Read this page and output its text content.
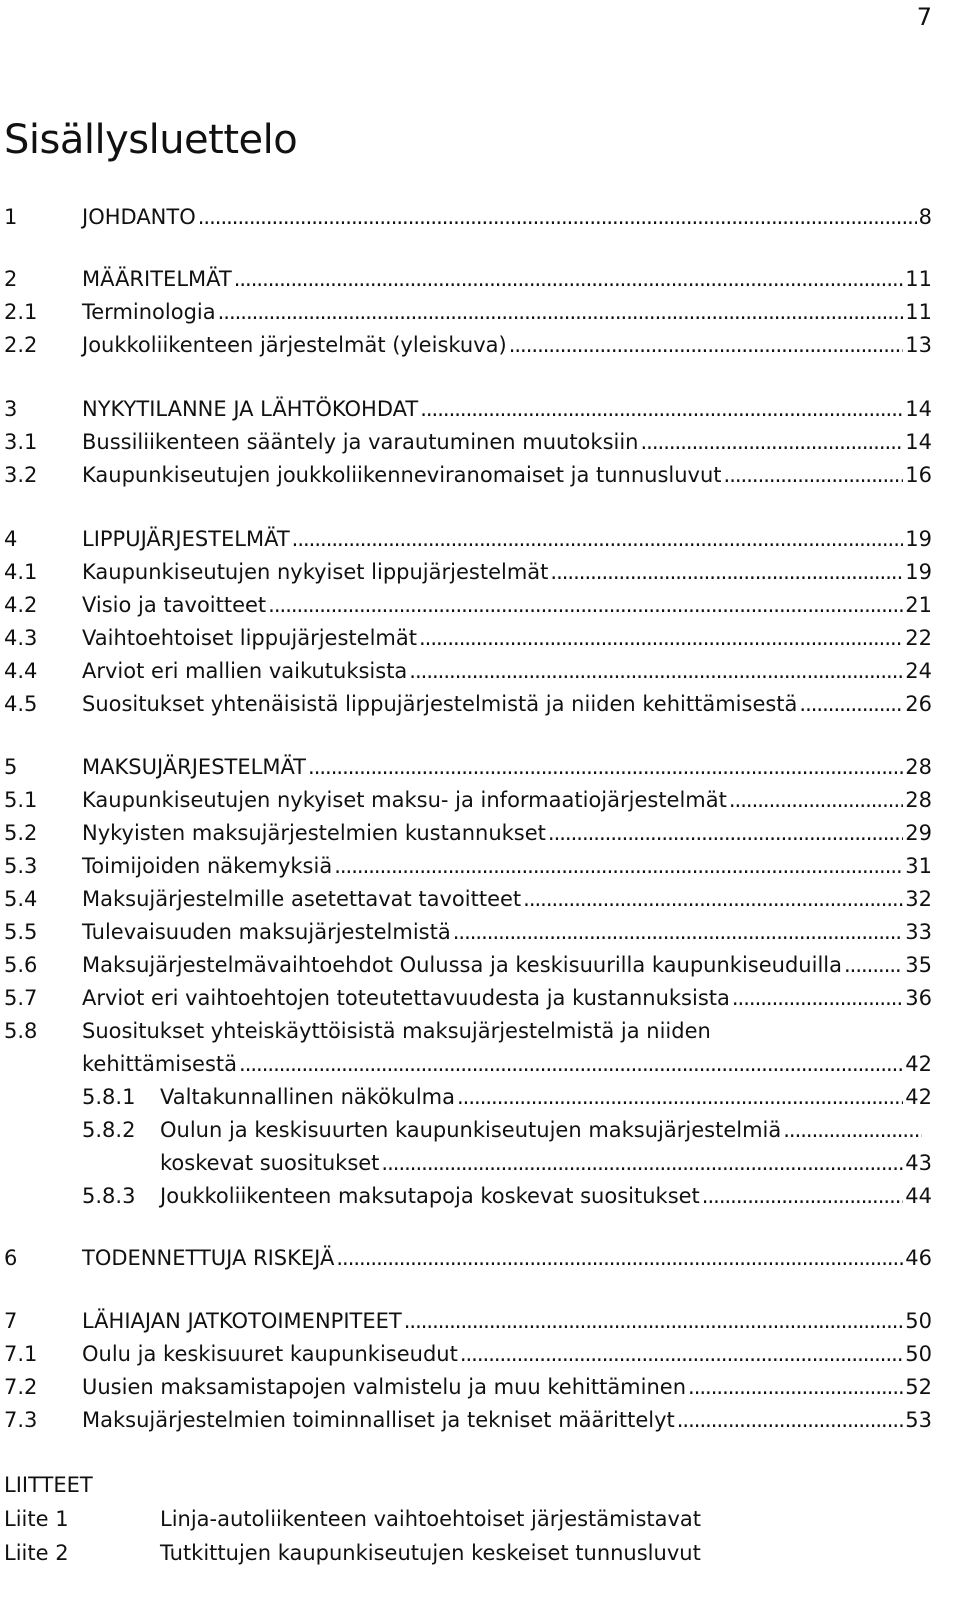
7
Sisällysluettelo
1	JOHDANTO .....	8
2	MÄÄRITELMÄT .....	11
2.1 Terminologia .....	11
2.2 Joukkoliikenteen järjestelmät (yleiskuva) .....	13
3	NYKYTILANNE JA LÄHTÖKOHDAT .....	14
3.1 Bussiliikenteen sääntely ja varautuminen muutoksiin .....	14
3.2 Kaupunkiseutujen joukkoliikenneviranomaiset ja tunnusluvut .....	16
4	LIPPUJÄRJESTELMÄT .....	19
4.1 Kaupunkiseutujen nykyiset lippujärjestelmät .....	19
4.2 Visio ja tavoitteet .....	21
4.3 Vaihtoehtoiset lippujärjestelmät .....	22
4.4 Arviot eri mallien vaikutuksista .....	24
4.5 Suositukset yhtenäisistä lippujärjestelmistä ja niiden kehittämisestä .....	26
5	MAKSUJÄRJESTELMÄT .....	28
5.1 Kaupunkiseutujen nykyiset maksu- ja informaatiojärjestelmät .....	28
5.2 Nykyisten maksujärjestelmien kustannukset .....	29
5.3 Toimijoiden näkemyksiä .....	31
5.4 Maksujärjestelmille asetettavat tavoitteet .....	32
5.5 Tulevaisuuden maksujärjestelmistä .....	33
5.6 Maksujärjestelmävaihtoehdot Oulussa ja keskisuurilla kaupunkiseuduilla .....	35
5.7 Arviot eri vaihtoehtojen toteutettavuudesta ja kustannuksista .....	36
5.8 Suositukset yhteiskäyttöisistä maksujärjestelmistä ja niiden
kehittämisestä .....	42
5.8.1 Valtakunnallinen näkökulma .....	42
5.8.2 Oulun ja keskisuurten kaupunkiseutujen maksujärjestelmiä
.....
koskevat suositukset .....	43
5.8.3 Joukkoliikenteen maksutapoja koskevat suositukset .....	44
6	TODENNETTUJA RISKEJÄ .....	46
7	LÄHIAJAN JATKOTOIMENPITEET .....	50
7.1 Oulu ja keskisuuret kaupunkiseudut .....	50
7.2 Uusien maksamistapojen valmistelu ja muu kehittäminen .....	52
7.3 Maksujärjestelmien toiminnalliset ja tekniset määrittelyt .....	53
LIITTEET
Liite 1	Linja-autoliikenteen vaihtoehtoiset järjestämistavat
Liite 2	Tutkittujen kaupunkiseutujen keskeiset tunnusluvut
